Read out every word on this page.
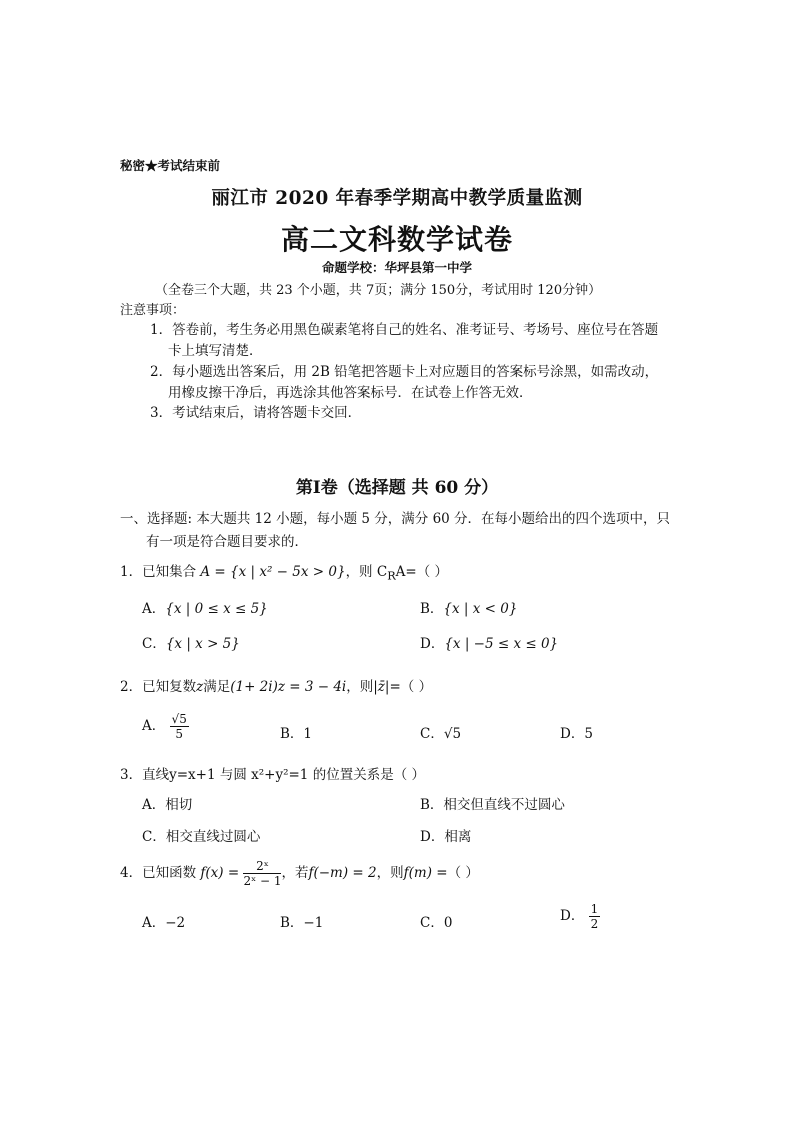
秘密★考试结束前
丽江市 2020 年春季学期高中教学质量监测
高二文科数学试卷
命题学校：华坪县第一中学
（全卷三个大题，共 23 个小题，共 7页；满分 150分，考试用时 120分钟）
注意事项：
1．答卷前，考生务必用黑色碳素笔将自己的姓名、准考证号、考场号、座位号在答题
卡上填写清楚．
2．每小题选出答案后，用 2B 铅笔把答题卡上对应题目的答案标号涂黑，如需改动，
用橡皮擦干净后，再选涂其他答案标号．在试卷上作答无效．
3．考试结束后，请将答题卡交回．
第Ⅰ卷（选择题 共 60 分）
一、选择题: 本大题共 12 小题，每小题 5 分，满分 60 分．在每小题给出的四个选项中，只
有一项是符合题目要求的．
1．已知集合 A = {x | x² − 5x > 0}，则 $C_RA=$（ ）
A．{x | 0 ≤ x ≤ 5}	B．{x | x < 0}
C．{x | x > 5}	D．{x | −5 ≤ x ≤ 0}
2．已知复数z满足(1+ 2i)z = 3 − 4i，则|z̄|=（ ）
A． $\frac{√5}{5}$	B．1	C．√5	D．5
3．直线y=x+1 与圆 x²+y²=1 的位置关系是（ ）
A．相切	B．相交但直线不过圆心
C．相交直线过圆心	D．相离
4．已知函数 $f(x) = \frac{\text{2ˣ}}{\text{2ˣ − 1}}$ ，若f(−m) = 2，则f(m) =（ ）
A．−2	B．−1	C．0	D． $\frac{1}{2}$
